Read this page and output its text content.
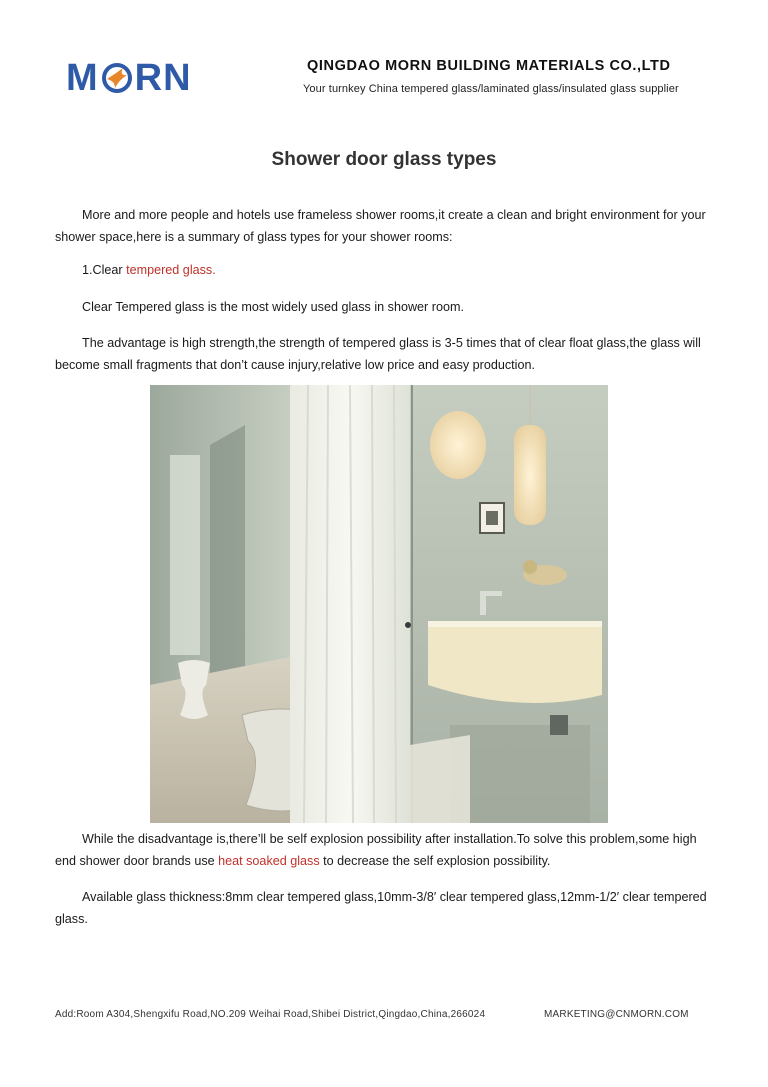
M RN	QINGDAO MORN BUILDING MATERIALS CO.,LTD
Your turnkey China tempered glass/laminated glass/insulated glass supplier
Shower door glass types
More and more people and hotels use frameless shower rooms,it create a clean and bright environment for your shower space,here is a summary of glass types for your shower rooms:
1.Clear tempered glass.
Clear Tempered glass is the most widely used glass in shower room.
The advantage is high strength,the strength of tempered glass is 3-5 times that of clear float glass,the glass will become small fragments that don’t cause injury,relative low price and easy production.
While the disadvantage is,there’ll be self explosion possibility after installation.To solve this problem,some high end shower door brands use heat soaked glass to decrease the self explosion possibility.
Available glass thickness:8mm clear tempered glass,10mm-3/8′ clear tempered glass,12mm-1/2′ clear tempered glass.
Add:Room A304,Shengxifu Road,NO.209 Weihai Road,Shibei District,Qingdao,China,266024	MARKETING@CNMORN.COM
